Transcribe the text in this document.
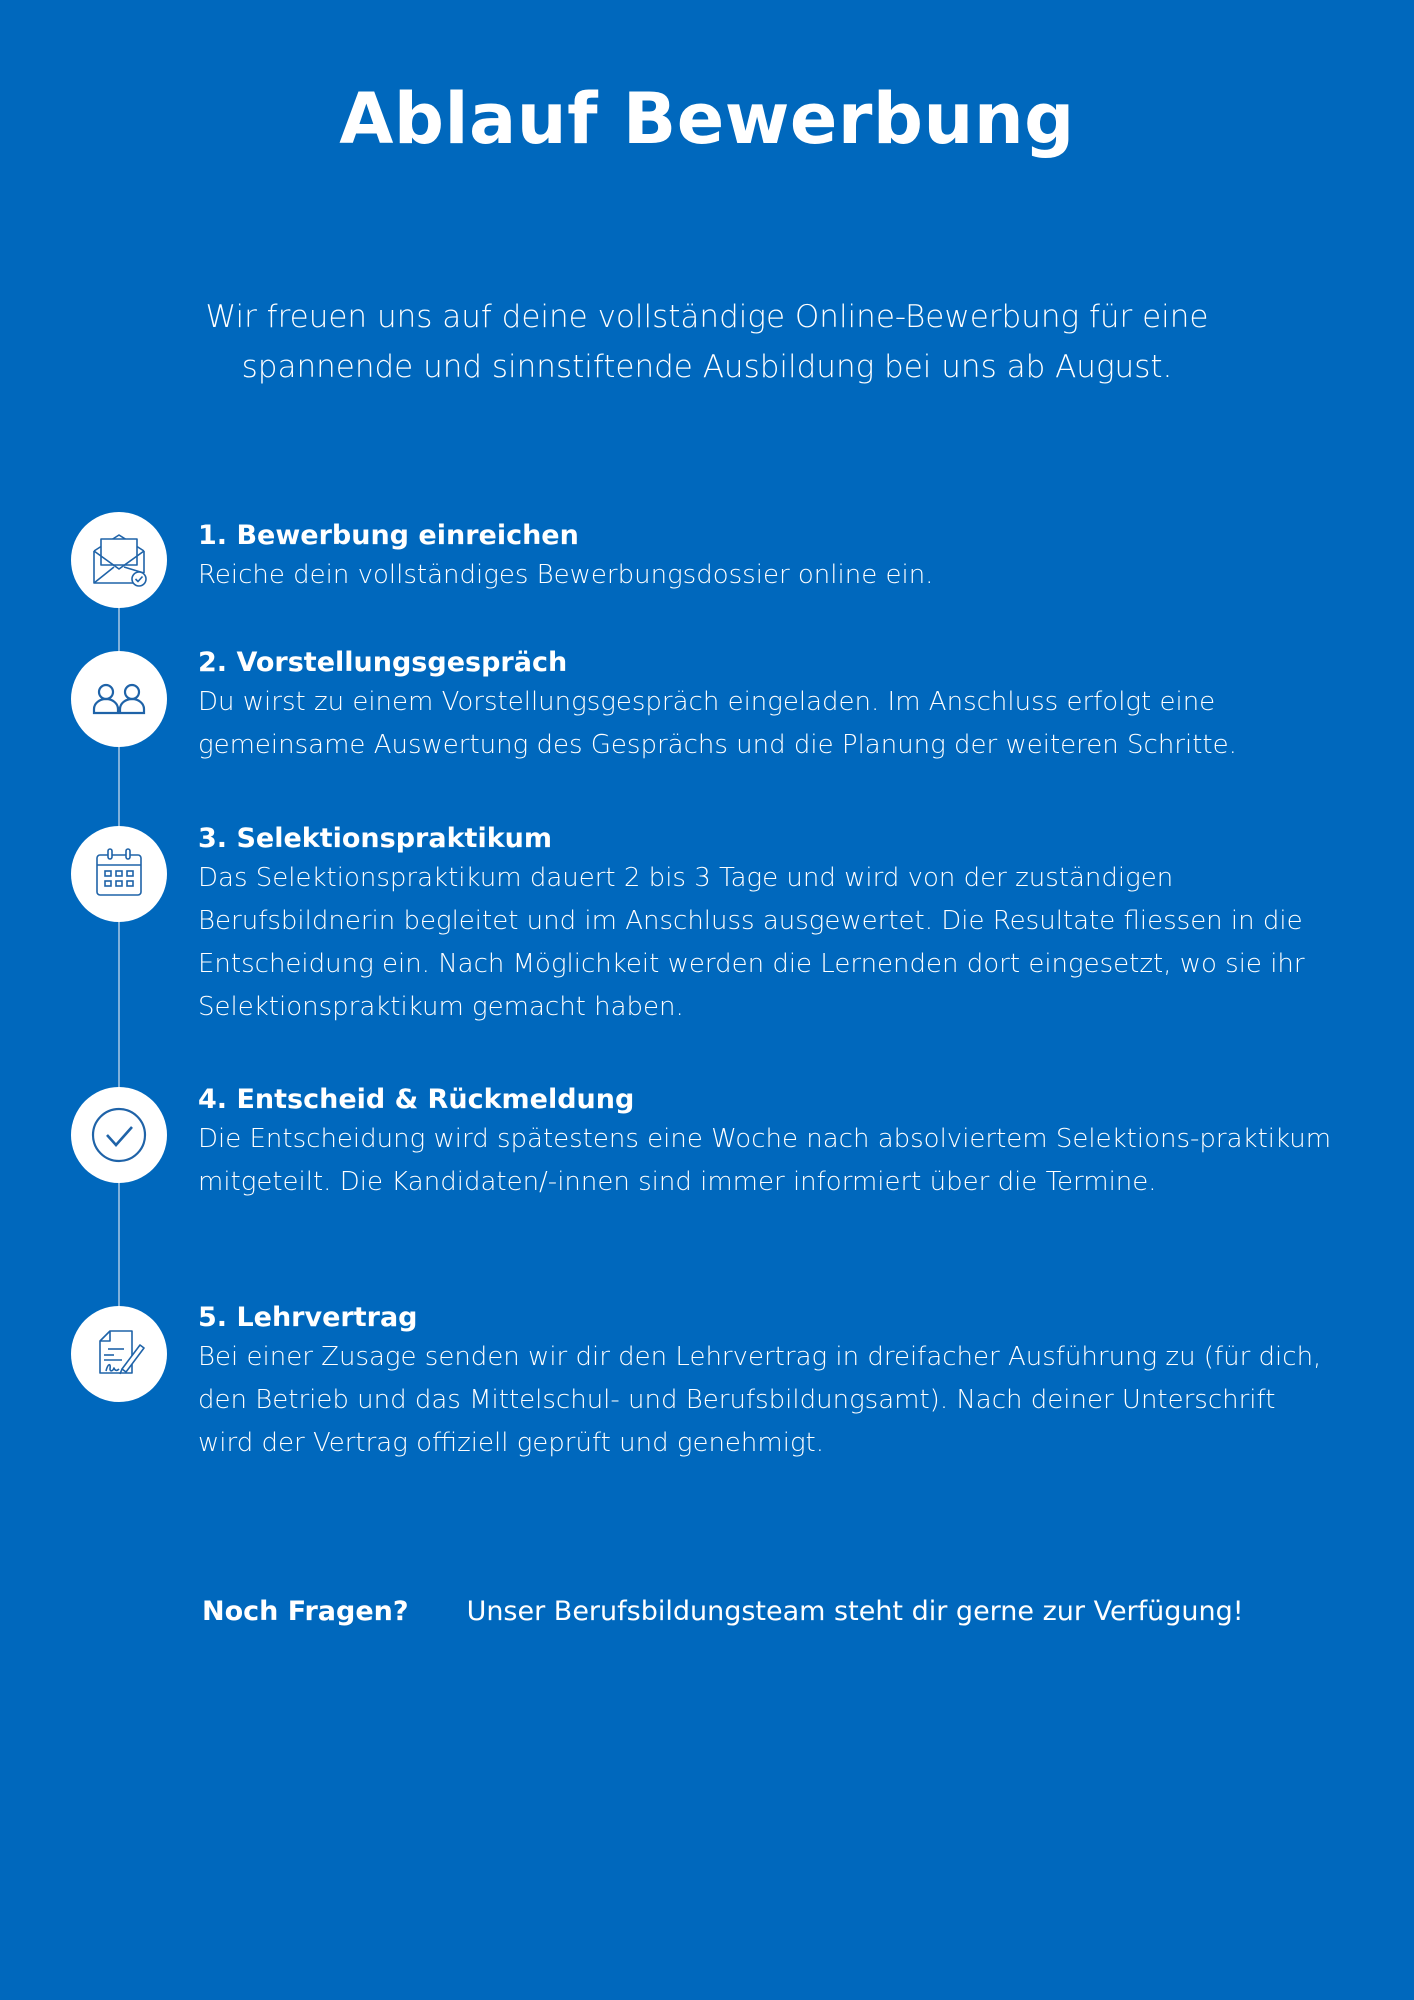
Ablauf Bewerbung

Wir freuen uns auf deine vollständige Online-Bewerbung für eine spannende und sinnstiftende Ausbildung bei uns ab August.

1. Bewerbung einreichen

Reiche dein vollständiges Bewerbungsdossier online ein.

2. Vorstellungsgespräch

Du wirst zu einem Vorstellungsgespräch eingeladen. Im Anschluss erfolgt eine gemeinsame Auswertung des Gesprächs und die Planung der weiteren Schritte.

3. Selektionspraktikum

Das Selektionspraktikum dauert 2 bis 3 Tage und wird von der zuständigen Berufsbildnerin begleitet und im Anschluss ausgewertet. Die Resultate fliessen in die Entscheidung ein. Nach Möglichkeit werden die Lernenden dort eingesetzt, wo sie ihr Selektionspraktikum gemacht haben.

4. Entscheid & Rückmeldung

Die Entscheidung wird spätestens eine Woche nach absolviertem Selektions-praktikum mitgeteilt. Die Kandidaten/-innen sind immer informiert über die Termine.

5. Lehrvertrag

Bei einer Zusage senden wir dir den Lehrvertrag in dreifacher Ausführung zu (für dich, den Betrieb und das Mittelschul- und Berufsbildungsamt). Nach deiner Unterschrift wird der Vertrag offiziell geprüft und genehmigt.

Noch Fragen? Unser Berufsbildungsteam steht dir gerne zur Verfügung!
